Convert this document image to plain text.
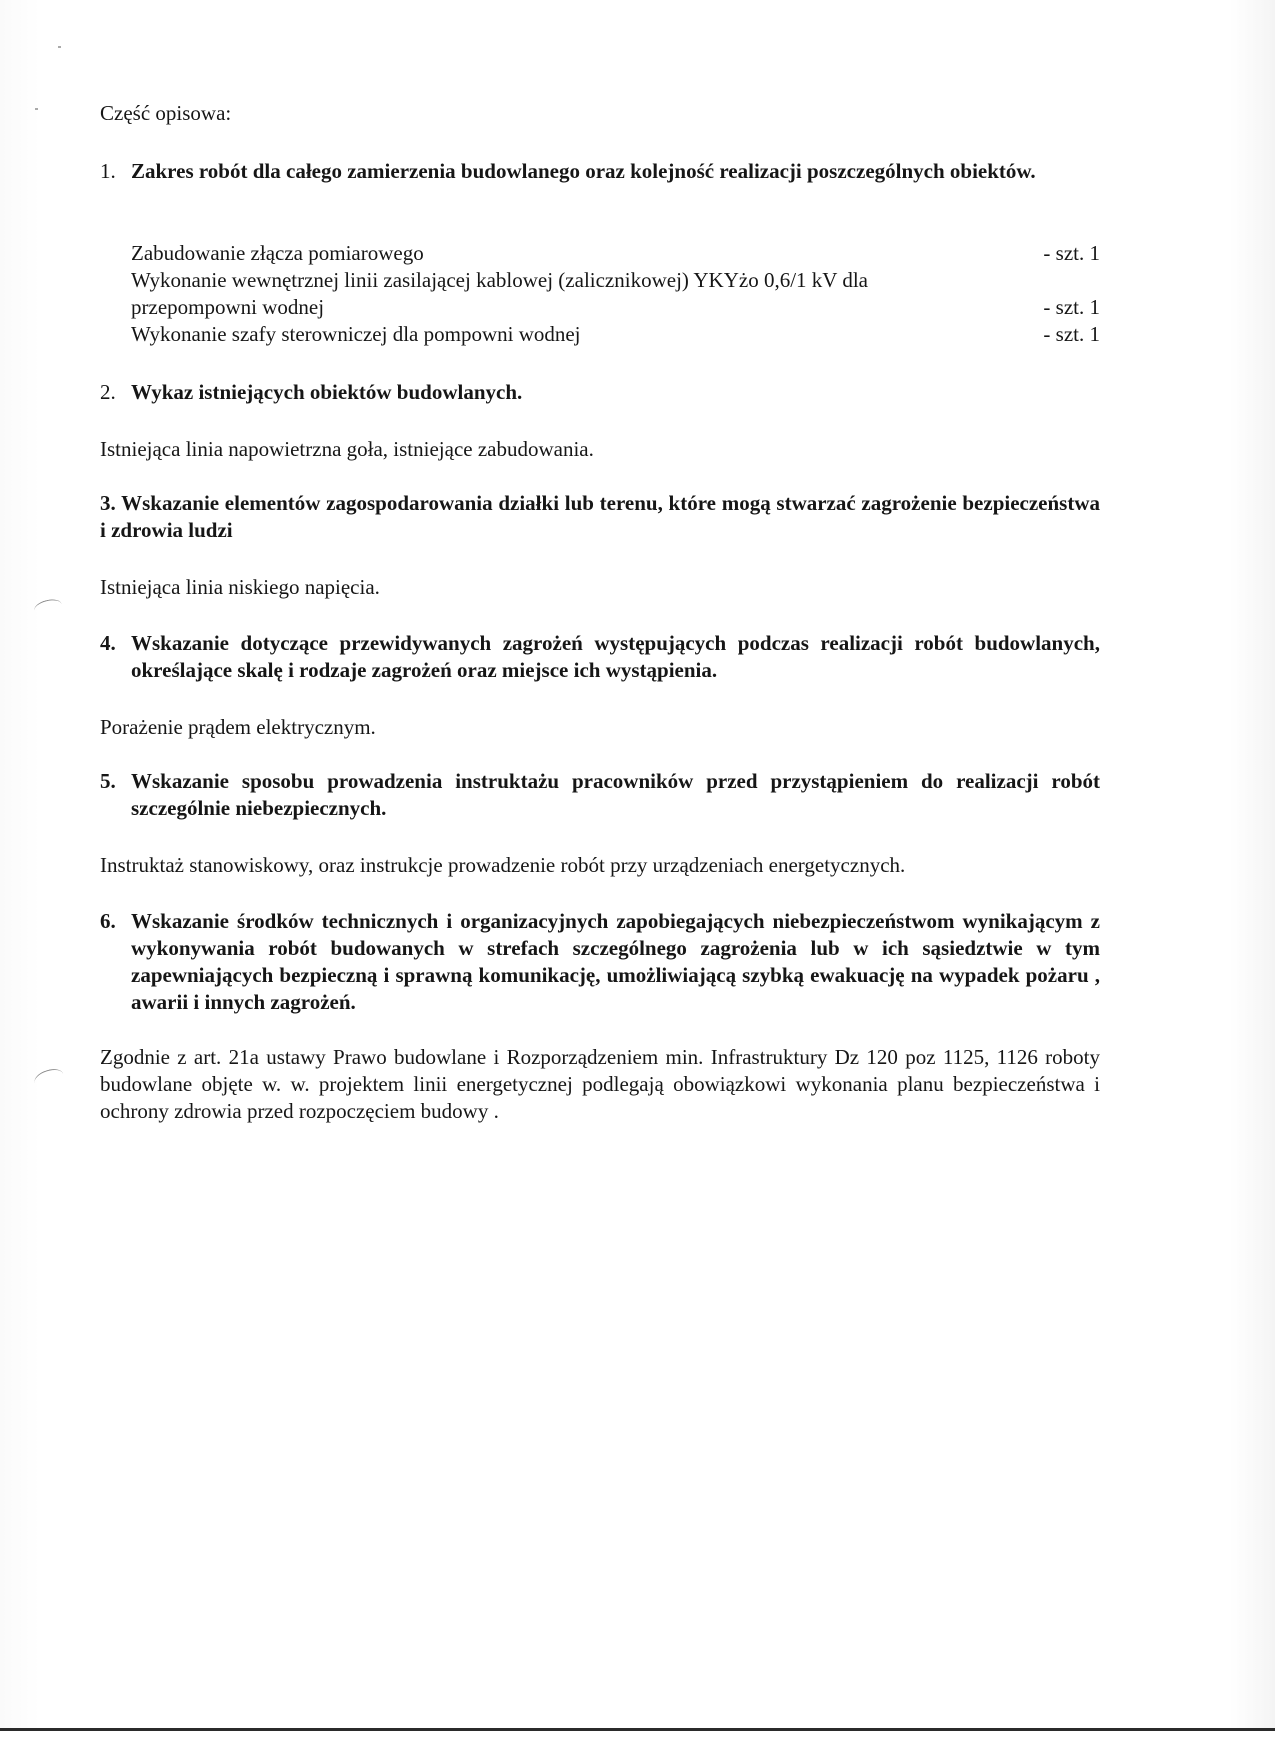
Część opisowa:
1. Zakres robót dla całego zamierzenia budowlanego oraz kolejność realizacji poszczególnych obiektów.
Zabudowanie złącza pomiarowego	- szt. 1
Wykonanie wewnętrznej linii zasilającej kablowej (zalicznikowej) YKYżo 0,6/1 kV dla
przepompowni wodnej	- szt. 1
Wykonanie szafy sterowniczej dla pompowni wodnej	- szt. 1
2. Wykaz istniejących obiektów budowlanych.
Istniejąca linia napowietrzna goła, istniejące zabudowania.
3. Wskazanie elementów zagospodarowania działki lub terenu, które mogą stwarzać zagrożenie bezpieczeństwa i zdrowia ludzi
Istniejąca linia niskiego napięcia.
4. Wskazanie dotyczące przewidywanych zagrożeń występujących podczas realizacji robót budowlanych, określające skalę i rodzaje zagrożeń oraz miejsce ich wystąpienia.
Porażenie prądem elektrycznym.
5. Wskazanie sposobu prowadzenia instruktażu pracowników przed przystąpieniem do realizacji robót szczególnie niebezpiecznych.
Instruktaż stanowiskowy, oraz instrukcje prowadzenie robót przy urządzeniach energetycznych.
6. Wskazanie środków technicznych i organizacyjnych zapobiegających niebezpieczeństwom wynikającym z wykonywania robót budowanych w strefach szczególnego zagrożenia lub w ich sąsiedztwie w tym zapewniających bezpieczną i sprawną komunikację, umożliwiającą szybką ewakuację na wypadek pożaru , awarii i innych zagrożeń.
Zgodnie z art. 21a ustawy Prawo budowlane i Rozporządzeniem min. Infrastruktury Dz 120 poz 1125, 1126 roboty budowlane objęte w. w. projektem linii energetycznej podlegają obowiązkowi wykonania planu bezpieczeństwa i ochrony zdrowia przed rozpoczęciem budowy .
